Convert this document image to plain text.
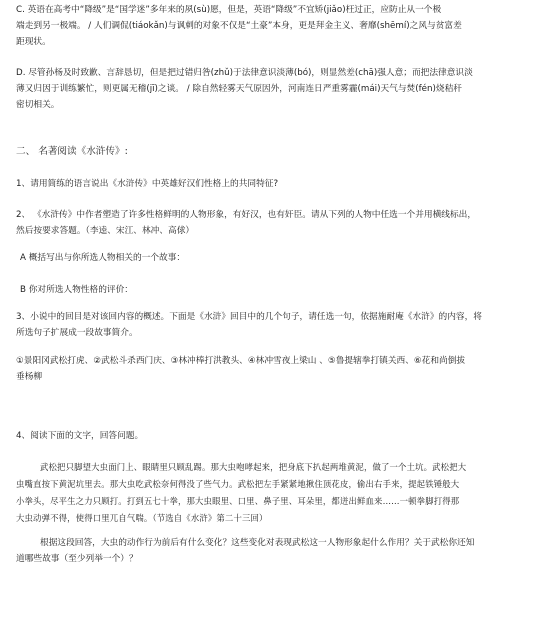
C. 英语在高考中“降级”是“国学迷”多年来的夙(sù)愿，但是，英语“降级”不宜矫(jiǎo)枉过正，应防止从一个极
端走到另一极端。 / 人们调侃(tiáokǎn)与讽刺的对象不仅是“土豪”本身，更是拜金主义、奢靡(shēmí)之风与贫富差
距现状。
D. 尽管孙杨及时致歉、言辞恳切，但是把过错归咎(zhǔ)于法律意识淡薄(bó)，则显然差(chā)强人意；而把法律意识淡
薄又归因于训练繁忙，则更属无稽(jī)之谈。 / 除自然轻雾天气原因外，河南连日严重雾霾(mái)天气与焚(fén)烧秸秆
密切相关。
二、 名著阅读《水浒传》:
1、请用简练的语言说出《水浒传》中英雄好汉们性格上的共同特征?
2、 《水浒传》中作者塑造了许多性格鲜明的人物形象，有好汉，也有奸臣。请从下列的人物中任选一个并用横线标出，
然后按要求答题。（李逵、宋江、林冲、高俅）
A 概括写出与你所选人物相关的一个故事：
B 你对所选人物性格的评价：
3、小说中的回目是对该回内容的概述。下面是《水浒》回目中的几个句子，请任选一句，依据施耐庵《水浒》的内容，将
所选句子扩展成一段故事简介。
①景阳冈武松打虎、②武松斗杀西门庆、③林冲棒打洪教头、④林冲雪夜上梁山 、⑤鲁提辖拳打镇关西、⑥花和尚倒拔
垂杨柳
4、阅读下面的文字，回答问题。
武松把只脚望大虫面门上、眼睛里只顾乱踢。那大虫咆哮起来，把身底下扒起两堆黄泥，做了一个土坑。武松把大
虫嘴直按下黄泥坑里去。那大虫吃武松奈何得没了些气力。武松把左手紧紧地揪住顶花皮，偷出右手来，提起铁锤般大
小拳头，尽平生之力只顾打。打到五七十拳，那大虫眼里、口里、鼻子里、耳朵里，都迸出鲜血来……一顿拳脚打得那
大虫动弹不得，使得口里兀自气喘。（节选自《水浒》第二十三回）
根据这段回答，大虫的动作行为前后有什么变化？这些变化对表现武松这一人物形象起什么作用？关于武松你还知
道哪些故事（至少列举一个）？
